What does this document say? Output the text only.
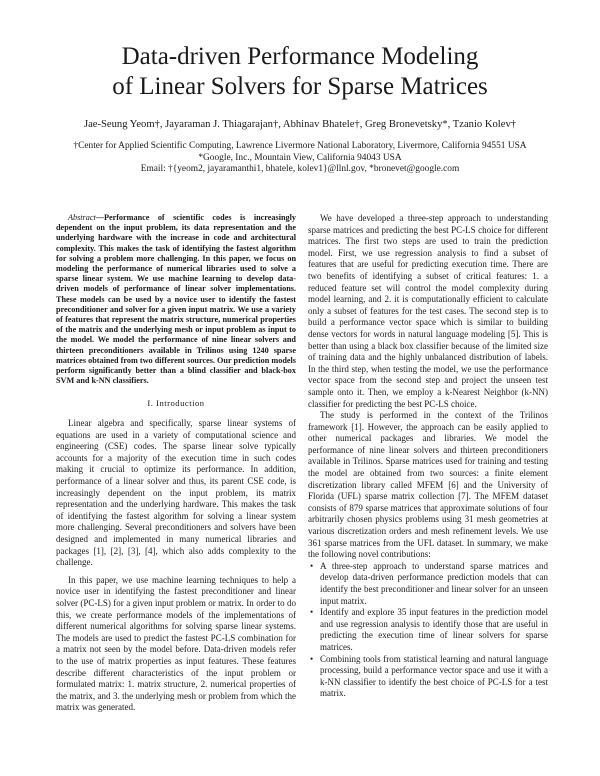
Data-driven Performance Modeling
of Linear Solvers for Sparse Matrices
Jae-Seung Yeom†, Jayaraman J. Thiagarajan†, Abhinav Bhatele†, Greg Bronevetsky*, Tzanio Kolev†
†Center for Applied Scientific Computing, Lawrence Livermore National Laboratory, Livermore, California 94551 USA
*Google, Inc., Mountain View, California 94043 USA
Email: †{yeom2, jayaramanthi1, bhatele, kolev1}@llnl.gov, *bronevet@google.com
Abstract—Performance of scientific codes is increasingly dependent on the input problem, its data representation and the underlying hardware with the increase in code and architectural complexity. This makes the task of identifying the fastest algorithm for solving a problem more challenging. In this paper, we focus on modeling the performance of numerical libraries used to solve a sparse linear system. We use machine learning to develop data-driven models of performance of linear solver implementations. These models can be used by a novice user to identify the fastest preconditioner and solver for a given input matrix. We use a variety of features that represent the matrix structure, numerical properties of the matrix and the underlying mesh or input problem as input to the model. We model the performance of nine linear solvers and thirteen preconditioners available in Trilinos using 1240 sparse matrices obtained from two different sources. Our prediction models perform significantly better than a blind classifier and black-box SVM and k-NN classifiers.
I. Introduction
Linear algebra and specifically, sparse linear systems of equations are used in a variety of computational science and engineering (CSE) codes. The sparse linear solve typically accounts for a majority of the execution time in such codes making it crucial to optimize its performance. In addition, performance of a linear solver and thus, its parent CSE code, is increasingly dependent on the input problem, its matrix representation and the underlying hardware. This makes the task of identifying the fastest algorithm for solving a linear system more challenging. Several preconditioners and solvers have been designed and implemented in many numerical libraries and packages [1], [2], [3], [4], which also adds complexity to the challenge.
In this paper, we use machine learning techniques to help a novice user in identifying the fastest preconditioner and linear solver (PC-LS) for a given input problem or matrix. In order to do this, we create performance models of the implementations of different numerical algorithms for solving sparse linear systems. The models are used to predict the fastest PC-LS combination for a matrix not seen by the model before. Data-driven models refer to the use of matrix properties as input features. These features describe different characteristics of the input problem or formulated matrix: 1. matrix structure, 2. numerical properties of the matrix, and 3. the underlying mesh or problem from which the matrix was generated.
We have developed a three-step approach to understanding sparse matrices and predicting the best PC-LS choice for different matrices. The first two steps are used to train the prediction model. First, we use regression analysis to find a subset of features that are useful for predicting execution time. There are two benefits of identifying a subset of critical features: 1. a reduced feature set will control the model complexity during model learning, and 2. it is computationally efficient to calculate only a subset of features for the test cases. The second step is to build a performance vector space which is similar to building dense vectors for words in natural language modeling [5]. This is better than using a black box classifier because of the limited size of training data and the highly unbalanced distribution of labels. In the third step, when testing the model, we use the performance vector space from the second step and project the unseen test sample onto it. Then, we employ a k-Nearest Neighbor (k-NN) classifier for predicting the best PC-LS choice.
The study is performed in the context of the Trilinos framework [1]. However, the approach can be easily applied to other numerical packages and libraries. We model the performance of nine linear solvers and thirteen preconditioners available in Trilinos. Sparse matrices used for training and testing the model are obtained from two sources: a finite element discretization library called MFEM [6] and the University of Florida (UFL) sparse matrix collection [7]. The MFEM dataset consists of 879 sparse matrices that approximate solutions of four arbitrarily chosen physics problems using 31 mesh geometries at various discretization orders and mesh refinement levels. We use 361 sparse matrices from the UFL dataset. In summary, we make the following novel contributions:
• A three-step approach to understand sparse matrices and develop data-driven performance prediction models that can identify the best preconditioner and linear solver for an unseen input matrix.
• Identify and explore 35 input features in the prediction model and use regression analysis to identify those that are useful in predicting the execution time of linear solvers for sparse matrices.
• Combining tools from statistical learning and natural language processing, build a performance vector space and use it with a k-NN classifier to identify the best choice of PC-LS for a test matrix.
